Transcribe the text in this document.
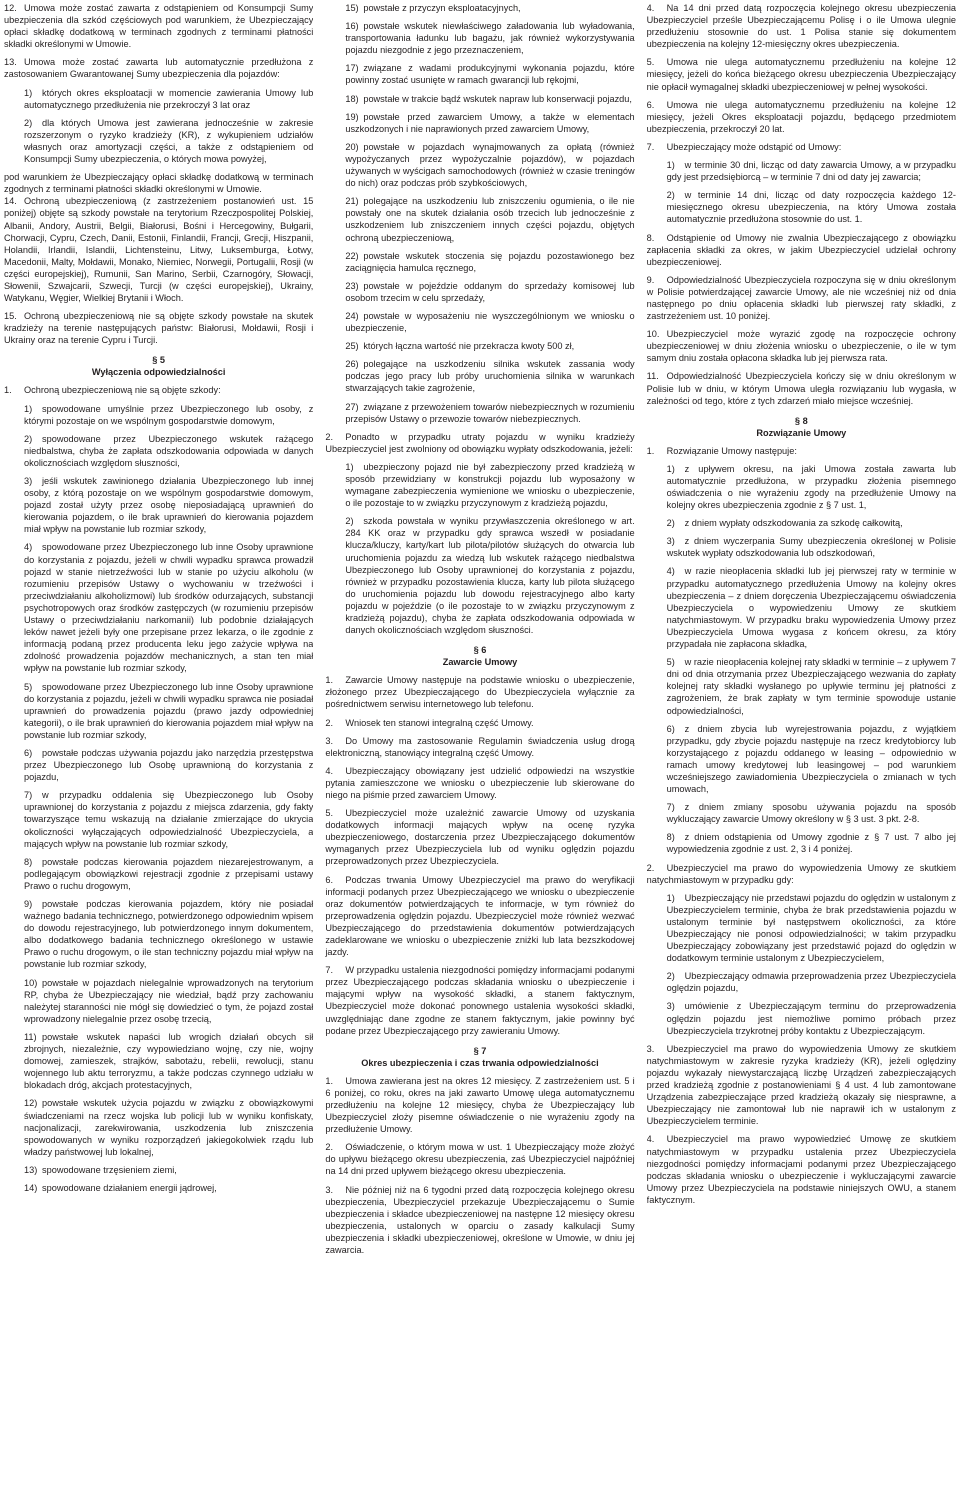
12. Umowa może zostać zawarta z odstąpieniem od Konsumpcji Sumy ubezpieczenia dla szkód częściowych pod warunkiem, że Ubezpieczający opłaci składkę dodatkową w terminach zgodnych z terminami płatności składki określonymi w Umowie.

13. Umowa może zostać zawarta lub automatycznie przedłużona z zastosowaniem Gwarantowanej Sumy ubezpieczenia dla pojazdów:

1)	których okres eksploatacji w momencie zawierania Umowy lub automatycznego przedłużenia nie przekroczył 3 lat oraz

2)	dla których Umowa jest zawierana jednocześnie w zakresie rozszerzonym o ryzyko kradzieży (KR), z wykupieniem udziałów własnych oraz amortyzacji części, a także z odstąpieniem od Konsumpcji Sumy ubezpieczenia, o których mowa powyżej,

pod warunkiem że Ubezpieczający opłaci składkę dodatkową w terminach zgodnych z terminami płatności składki określonymi w Umowie.

14. Ochroną ubezpieczeniową (z zastrzeżeniem postanowień ust. 15 poniżej) objęte są szkody powstałe na terytorium Rzeczpospolitej Polskiej, Albanii, Andory, Austrii, Belgii, Białorusi, Bośni i Hercegowiny, Bułgarii, Chorwacji, Cypru, Czech, Danii, Estonii, Finlandii, Francji, Grecji, Hiszpanii, Holandii, Irlandii, Islandii, Lichtensteinu, Litwy, Luksemburga, Łotwy, Macedonii, Malty, Mołdawii, Monako, Niemiec, Norwegii, Portugalii, Rosji (w części europejskiej), Rumunii, San Marino, Serbii, Czarnogóry, Słowacji, Słowenii, Szwajcarii, Szwecji, Turcji (w części europejskiej), Ukrainy, Watykanu, Węgier, Wielkiej Brytanii i Włoch.

15. Ochroną ubezpieczeniową nie są objęte szkody powstałe na skutek kradzieży na terenie następujących państw: Białorusi, Mołdawii, Rosji i Ukrainy oraz na terenie Cypru i Turcji.

§ 5
Wyłączenia odpowiedzialności
1.	Ochroną ubezpieczeniową nie są objęte szkody:

1)	spowodowane umyślnie przez Ubezpieczonego lub osoby, z którymi pozostaje on we wspólnym gospodarstwie domowym,

2)	spowodowane przez Ubezpieczonego wskutek rażącego niedbalstwa, chyba że zapłata odszkodowania odpowiada w danych okolicznościach względom słuszności,

3)	jeśli wskutek zawinionego działania Ubezpieczonego lub innej osoby, z którą pozostaje on we wspólnym gospodarstwie domowym, pojazd został użyty przez osobę nieposiadającą uprawnień do kierowania pojazdem, o ile brak uprawnień do kierowania pojazdem miał wpływ na powstanie lub rozmiar szkody,

4)	spowodowane przez Ubezpieczonego lub inne Osoby uprawnione do korzystania z pojazdu, jeżeli w chwili wypadku sprawca prowadził pojazd w stanie nietrzeźwości lub w stanie po użyciu alkoholu (w rozumieniu przepisów Ustawy o wychowaniu w trzeźwości i przeciwdziałaniu alkoholizmowi) lub środków odurzających, substancji psychotropowych oraz środków zastępczych (w rozumieniu przepisów Ustawy o przeciwdziałaniu narkomanii) lub podobnie działających leków nawet jeżeli były one przepisane przez lekarza, o ile zgodnie z informacją podaną przez producenta leku jego zażycie wpływa na zdolność prowadzenia pojazdów mechanicznych, a stan ten miał wpływ na powstanie lub rozmiar szkody,

5)	spowodowane przez Ubezpieczonego lub inne Osoby uprawnione do korzystania z pojazdu, jeżeli w chwili wypadku sprawca nie posiadał uprawnień do prowadzenia pojazdu (prawo jazdy odpowiedniej kategorii), o ile brak uprawnień do kierowania pojazdem miał wpływ na powstanie lub rozmiar szkody,

6)	powstałe podczas używania pojazdu jako narzędzia przestępstwa przez Ubezpieczonego lub Osobę uprawnioną do korzystania z pojazdu,

7)	w przypadku oddalenia się Ubezpieczonego lub Osoby uprawnionej do korzystania z pojazdu z miejsca zdarzenia, gdy fakty towarzyszące temu wskazują na działanie zmierzające do ukrycia okoliczności wyłączających odpowiedzialność Ubezpieczyciela, a mających wpływ na powstanie lub rozmiar szkody,

8)	powstałe podczas kierowania pojazdem niezarejestrowanym, a podlegającym obowiązkowi rejestracji zgodnie z przepisami ustawy Prawo o ruchu drogowym,

9)	powstałe podczas kierowania pojazdem, który nie posiadał ważnego badania technicznego, potwierdzonego odpowiednim wpisem do dowodu rejestracyjnego, lub potwierdzonego innym dokumentem, albo dodatkowego badania technicznego określonego w ustawie Prawo o ruchu drogowym, o ile stan techniczny pojazdu miał wpływ na powstanie lub rozmiar szkody,

10) powstałe w pojazdach nielegalnie wprowadzonych na terytorium RP, chyba że Ubezpieczający nie wiedział, bądź przy zachowaniu należytej staranności nie mógł się dowiedzieć o tym, że pojazd został wprowadzony nielegalnie przez osobę trzecią,

11) powstałe wskutek napaści lub wrogich działań obcych sił zbrojnych, niezależnie, czy wypowiedziano wojnę, czy nie, wojny domowej, zamieszek, strajków, sabotażu, rebelii, rewolucji, stanu wojennego lub aktu terroryzmu, a także podczas czynnego udziału w blokadach dróg, akcjach protestacyjnych,

12) powstałe wskutek użycia pojazdu w związku z obowiązkowymi świadczeniami na rzecz wojska lub policji lub w wyniku konfiskaty, nacjonalizacji, zarekwirowania, uszkodzenia lub zniszczenia spowodowanych w wyniku rozporządzeń jakiegokolwiek rządu lub władzy państwowej lub lokalnej,

13) spowodowane trzęsieniem ziemi,

14) spowodowane działaniem energii jądrowej,

15) powstałe z przyczyn eksploatacyjnych,

16) powstałe wskutek niewłaściwego załadowania lub wyładowania, transportowania ładunku lub bagażu, jak również wykorzystywania pojazdu niezgodnie z jego przeznaczeniem,

17) związane z wadami produkcyjnymi wykonania pojazdu, które powinny zostać usunięte w ramach gwarancji lub rękojmi,

18) powstałe w trakcie bądź wskutek napraw lub konserwacji pojazdu,

19) powstałe przed zawarciem Umowy, a także w elementach uszkodzonych i nie naprawionych przed zawarciem Umowy,

20) powstałe w pojazdach wynajmowanych za opłatą (również wypożyczanych przez wypożyczalnie pojazdów), w pojazdach używanych w wyścigach samochodowych (również w czasie treningów do nich) oraz podczas prób szybkościowych,

21) polegające na uszkodzeniu lub zniszczeniu ogumienia, o ile nie powstały one na skutek działania osób trzecich lub jednocześnie z uszkodzeniem lub zniszczeniem innych części pojazdu, objętych ochroną ubezpieczeniową,

22) powstałe wskutek stoczenia się pojazdu pozostawionego bez zaciągnięcia hamulca ręcznego,

23) powstałe w pojeździe oddanym do sprzedaży komisowej lub osobom trzecim w celu sprzedaży,

24) powstałe w wyposażeniu nie wyszczególnionym we wniosku o ubezpieczenie,

25) których łączna wartość nie przekracza kwoty 500 zł,

26) polegające na uszkodzeniu silnika wskutek zassania wody podczas jego pracy lub próby uruchomienia silnika w warunkach stwarzających takie zagrożenie,

27) związane z przewożeniem towarów niebezpiecznych w rozumieniu przepisów Ustawy o przewozie towarów niebezpiecznych.

2.	Ponadto w przypadku utraty pojazdu w wyniku kradzieży Ubezpieczyciel jest zwolniony od obowiązku wypłaty odszkodowania, jeżeli:

1)	ubezpieczony pojazd nie był zabezpieczony przed kradzieżą w sposób przewidziany w konstrukcji pojazdu lub wyposażony w wymagane zabezpieczenia wymienione we wniosku o ubezpieczenie, o ile pozostaje to w związku przyczynowym z kradzieżą pojazdu,

2)	szkoda powstała w wyniku przywłaszczenia określonego w art. 284 KK oraz w przypadku gdy sprawca wszedł w posiadanie klucza/kluczy, karty/kart lub pilota/pilotów służących do otwarcia lub uruchomienia pojazdu za wiedzą lub wskutek rażącego niedbalstwa Ubezpieczonego lub Osoby uprawnionej do korzystania z pojazdu, również w przypadku pozostawienia klucza, karty lub pilota służącego do uruchomienia pojazdu lub dowodu rejestracyjnego albo karty pojazdu w pojeździe (o ile pozostaje to w związku przyczynowym z kradzieżą pojazdu), chyba że zapłata odszkodowania odpowiada w danych okolicznościach względom słuszności.

§ 6
Zawarcie Umowy
1.	Zawarcie Umowy następuje na podstawie wniosku o ubezpieczenie, złożonego przez Ubezpieczającego do Ubezpieczyciela wyłącznie za pośrednictwem serwisu internetowego lub telefonu.

2.	Wniosek ten stanowi integralną część Umowy.

3.	Do Umowy ma zastosowanie Regulamin świadczenia usług drogą elektroniczną, stanowiący integralną część Umowy.

4.	Ubezpieczający obowiązany jest udzielić odpowiedzi na wszystkie pytania zamieszczone we wniosku o ubezpieczenie lub skierowane do niego na piśmie przed zawarciem Umowy.

5.	Ubezpieczyciel może uzależnić zawarcie Umowy od uzyskania dodatkowych informacji mających wpływ na ocenę ryzyka ubezpieczeniowego, dostarczenia przez Ubezpieczającego dokumentów wymaganych przez Ubezpieczyciela lub od wyniku oględzin pojazdu przeprowadzonych przez Ubezpieczyciela.

6.	Podczas trwania Umowy Ubezpieczyciel ma prawo do weryfikacji informacji podanych przez Ubezpieczającego we wniosku o ubezpieczenie oraz dokumentów potwierdzających te informacje, w tym również do przeprowadzenia oględzin pojazdu. Ubezpieczyciel może również wezwać Ubezpieczającego do przedstawienia dokumentów potwierdzających zadeklarowane we wniosku o ubezpieczenie zniżki lub lata bezszkodowej jazdy.

7.	W przypadku ustalenia niezgodności pomiędzy informacjami podanymi przez Ubezpieczającego podczas składania wniosku o ubezpieczenie i mającymi wpływ na wysokość składki, a stanem faktycznym, Ubezpieczyciel może dokonać ponownego ustalenia wysokości składki, uwzględniając dane zgodne ze stanem faktycznym, jakie powinny być podane przez Ubezpieczającego przy zawieraniu Umowy.

§ 7
Okres ubezpieczenia i czas trwania odpowiedzialności
1.	Umowa zawierana jest na okres 12 miesięcy. Z zastrzeżeniem ust. 5 i 6 poniżej, co roku, okres na jaki zawarto Umowę ulega automatycznemu przedłużeniu na kolejne 12 miesięcy, chyba że Ubezpieczający lub Ubezpieczyciel złoży pisemne oświadczenie o nie wyrażeniu zgody na przedłużenie Umowy.

2.	Oświadczenie, o którym mowa w ust. 1 Ubezpieczający może złożyć do upływu bieżącego okresu ubezpieczenia, zaś Ubezpieczyciel najpóźniej na 14 dni przed upływem bieżącego okresu ubezpieczenia.

3.	Nie później niż na 6 tygodni przed datą rozpoczęcia kolejnego okresu ubezpieczenia, Ubezpieczyciel przekazuje Ubezpieczającemu o Sumie ubezpieczenia i składce ubezpieczeniowej na następne 12 miesięcy okresu ubezpieczenia, ustalonych w oparciu o zasady kalkulacji Sumy ubezpieczenia i składki ubezpieczeniowej, określone w Umowie, w dniu jej zawarcia.

4.	Na 14 dni przed datą rozpoczęcia kolejnego okresu ubezpieczenia Ubezpieczyciel prześle Ubezpieczającemu Polisę i o ile Umowa ulegnie przedłużeniu stosownie do ust. 1 Polisa stanie się dokumentem ubezpieczenia na kolejny 12-miesięczny okres ubezpieczenia.

5.	Umowa nie ulega automatycznemu przedłużeniu na kolejne 12 miesięcy, jeżeli do końca bieżącego okresu ubezpieczenia Ubezpieczający nie opłacił wymagalnej składki ubezpieczeniowej w pełnej wysokości.

6.	Umowa nie ulega automatycznemu przedłużeniu na kolejne 12 miesięcy, jeżeli Okres eksploatacji pojazdu, będącego przedmiotem ubezpieczenia, przekroczył 20 lat.

7.	Ubezpieczający może odstąpić od Umowy:

1)	w terminie 30 dni, licząc od daty zawarcia Umowy, a w przypadku gdy jest przedsiębiorcą – w terminie 7 dni od daty jej zawarcia;

2)	w terminie 14 dni, licząc od daty rozpoczęcia każdego 12-miesięcznego okresu ubezpieczenia, na który Umowa została automatycznie przedłużona stosownie do ust. 1.

8.	Odstąpienie od Umowy nie zwalnia Ubezpieczającego z obowiązku zapłacenia składki za okres, w jakim Ubezpieczyciel udzielał ochrony ubezpieczeniowej.

9.	Odpowiedzialność Ubezpieczyciela rozpoczyna się w dniu określonym w Polisie potwierdzającej zawarcie Umowy, ale nie wcześniej niż od dnia następnego po dniu opłacenia składki lub pierwszej raty składki, z zastrzeżeniem ust. 10 poniżej.

10. Ubezpieczyciel może wyrazić zgodę na rozpoczęcie ochrony ubezpieczeniowej w dniu złożenia wniosku o ubezpieczenie, o ile w tym samym dniu została opłacona składka lub jej pierwsza rata.

11. Odpowiedzialność Ubezpieczyciela kończy się w dniu określonym w Polisie lub w dniu, w którym Umowa uległa rozwiązaniu lub wygasła, w zależności od tego, które z tych zdarzeń miało miejsce wcześniej.

§ 8
Rozwiązanie Umowy
1.	Rozwiązanie Umowy następuje:

1)	z upływem okresu, na jaki Umowa została zawarta lub automatycznie przedłużona, w przypadku złożenia pisemnego oświadczenia o nie wyrażeniu zgody na przedłużenie Umowy na kolejny okres ubezpieczenia zgodnie z § 7 ust. 1,

2)	z dniem wypłaty odszkodowania za szkodę całkowitą,

3)	z dniem wyczerpania Sumy ubezpieczenia określonej w Polisie wskutek wypłaty odszkodowania lub odszkodowań,

4)	w razie nieopłacenia składki lub jej pierwszej raty w terminie w przypadku automatycznego przedłużenia Umowy na kolejny okres ubezpieczenia – z dniem doręczenia Ubezpieczającemu oświadczenia Ubezpieczyciela o wypowiedzeniu Umowy ze skutkiem natychmiastowym. W przypadku braku wypowiedzenia Umowy przez Ubezpieczyciela Umowa wygasa z końcem okresu, za który przypadała nie zapłacona składka,

5)	w razie nieopłacenia kolejnej raty składki w terminie – z upływem 7 dni od dnia otrzymania przez Ubezpieczającego wezwania do zapłaty kolejnej raty składki wysłanego po upływie terminu jej płatności z zagrożeniem, że brak zapłaty w tym terminie spowoduje ustanie odpowiedzialności,

6)	z dniem zbycia lub wyrejestrowania pojazdu, z wyjątkiem przypadku, gdy zbycie pojazdu następuje na rzecz kredytobiorcy lub korzystającego z pojazdu oddanego w leasing – odpowiednio w ramach umowy kredytowej lub leasingowej – pod warunkiem wcześniejszego zawiadomienia Ubezpieczyciela o zmianach w tych umowach,

7)	z dniem zmiany sposobu używania pojazdu na sposób wykluczający zawarcie Umowy określony w § 3 ust. 3 pkt. 2-8.

8)	z dniem odstąpienia od Umowy zgodnie z § 7 ust. 7 albo jej wypowiedzenia zgodnie z ust. 2, 3 i 4 poniżej.

2.	Ubezpieczyciel ma prawo do wypowiedzenia Umowy ze skutkiem natychmiastowym w przypadku gdy:

1)	Ubezpieczający nie przedstawi pojazdu do oględzin w ustalonym z Ubezpieczycielem terminie, chyba że brak przedstawienia pojazdu w ustalonym terminie był następstwem okoliczności, za które Ubezpieczający nie ponosi odpowiedzialności; w takim przypadku Ubezpieczający zobowiązany jest przedstawić pojazd do oględzin w dodatkowym terminie ustalonym z Ubezpieczycielem,

2)	Ubezpieczający odmawia przeprowadzenia przez Ubezpieczyciela oględzin pojazdu,

3)	umówienie z Ubezpieczającym terminu do przeprowadzenia oględzin pojazdu jest niemożliwe pomimo próbach przez Ubezpieczyciela trzykrotnej próby kontaktu z Ubezpieczającym.

3.	Ubezpieczyciel ma prawo do wypowiedzenia Umowy ze skutkiem natychmiastowym w zakresie ryzyka kradzieży (KR), jeżeli oględziny pojazdu wykazały niewystarczającą liczbę Urządzeń zabezpieczających przed kradzieżą zgodnie z postanowieniami § 4 ust. 4 lub zamontowane Urządzenia zabezpieczające przed kradzieżą okazały się niesprawne, a Ubezpieczający nie zamontował lub nie naprawił ich w ustalonym z Ubezpieczycielem terminie.

4.	Ubezpieczyciel ma prawo wypowiedzieć Umowę ze skutkiem natychmiastowym w przypadku ustalenia przez Ubezpieczyciela niezgodności pomiędzy informacjami podanymi przez Ubezpieczającego podczas składania wniosku o ubezpieczenie i wykluczającymi zawarcie Umowy przez Ubezpieczyciela na podstawie niniejszych OWU, a stanem faktycznym.
